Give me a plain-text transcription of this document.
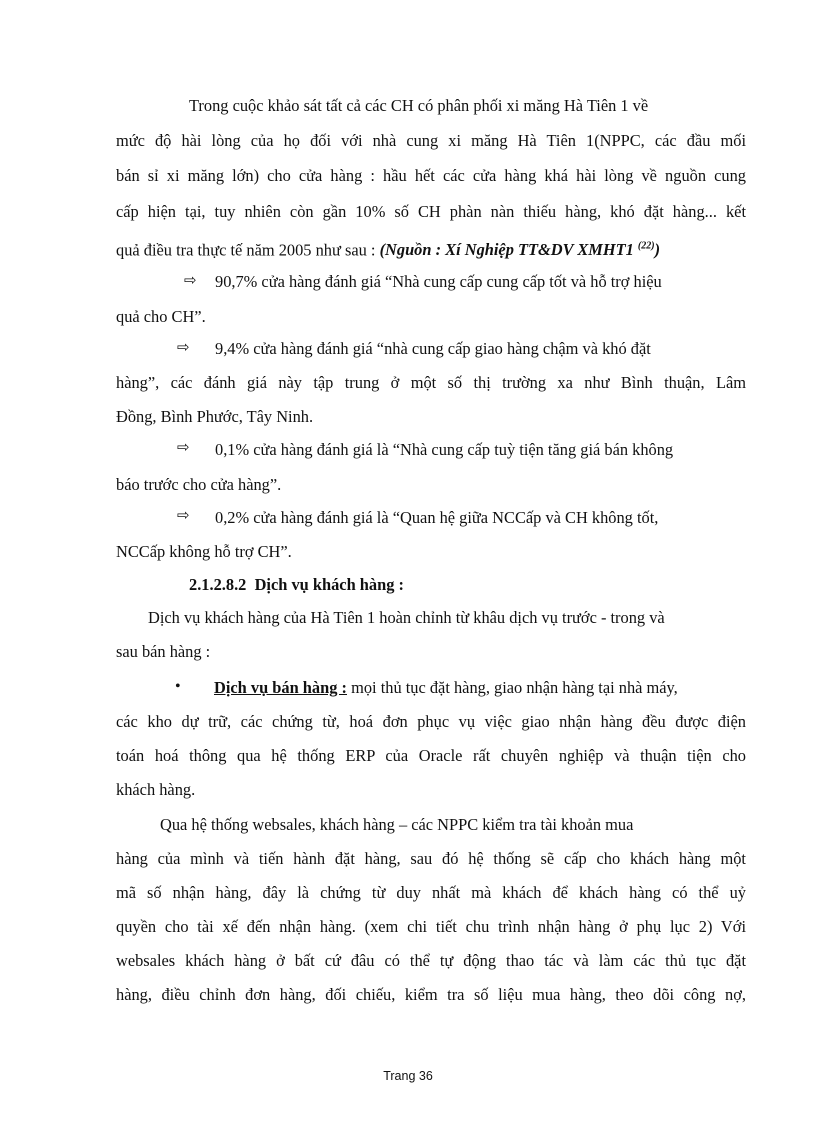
Trong cuộc khảo sát tất cả các CH có phân phối xi măng Hà Tiên 1 về
mức độ hài lòng của họ đối với nhà cung xi măng Hà Tiên 1(NPPC, các đầu mối
bán sỉ xi măng lớn) cho cửa hàng : hầu hết các cửa hàng khá hài lòng về nguồn cung
cấp hiện tại, tuy nhiên còn gần 10% số CH phàn nàn thiếu hàng, khó đặt hàng... kết
quả điều tra thực tế năm 2005 như sau : (Nguồn : Xí Nghiệp TT&DV XMHT1 $^{(22)}$)
⇨ 90,7% cửa hàng đánh giá “Nhà cung cấp cung cấp tốt và hỗ trợ hiệu
quả cho CH”.
⇨ 9,4% cửa hàng đánh giá “nhà cung cấp giao hàng chậm và khó đặt
hàng”, các đánh giá này tập trung ở một số thị trường xa như Bình thuận, Lâm
Đồng, Bình Phước, Tây Ninh.
⇨ 0,1% cửa hàng đánh giá là “Nhà cung cấp tuỳ tiện tăng giá bán không
báo trước cho cửa hàng”.
⇨ 0,2% cửa hàng đánh giá là “Quan hệ giữa NCCấp và CH không tốt,
NCCấp không hỗ trợ CH”.
2.1.2.8.2 Dịch vụ khách hàng :
Dịch vụ khách hàng của Hà Tiên 1 hoàn chỉnh từ khâu dịch vụ trước - trong và
sau bán hàng :
• Dịch vụ bán hàng : mọi thủ tục đặt hàng, giao nhận hàng tại nhà máy,
các kho dự trữ, các chứng từ, hoá đơn phục vụ việc giao nhận hàng đều được điện
toán hoá thông qua hệ thống ERP của Oracle rất chuyên nghiệp và thuận tiện cho
khách hàng.
Qua hệ thống websales, khách hàng – các NPPC kiểm tra tài khoản mua
hàng của mình và tiến hành đặt hàng, sau đó hệ thống sẽ cấp cho khách hàng một
mã số nhận hàng, đây là chứng từ duy nhất mà khách để khách hàng có thể uỷ
quyền cho tài xế đến nhận hàng. (xem chi tiết chu trình nhận hàng ở phụ lục 2) Với
websales khách hàng ở bất cứ đâu có thể tự động thao tác và làm các thủ tục đặt
hàng, điều chỉnh đơn hàng, đối chiếu, kiểm tra số liệu mua hàng, theo dõi công nợ,
Trang 36
